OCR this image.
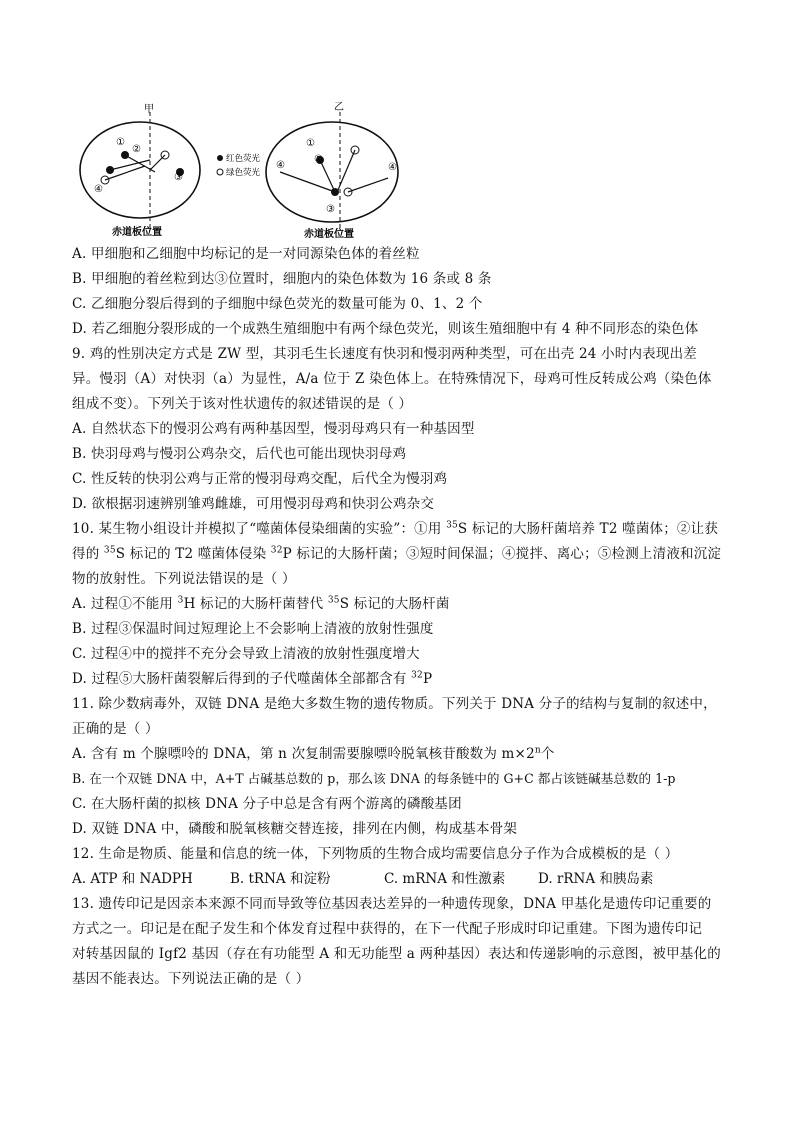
甲
①
②
③
④
赤道板位置
红色荧光
绿色荧光
乙
①
②
③
④	④
赤道板位置
A. 甲细胞和乙细胞中均标记的是一对同源染色体的着丝粒
B. 甲细胞的着丝粒到达③位置时，细胞内的染色体数为 16 条或 8 条
C. 乙细胞分裂后得到的子细胞中绿色荧光的数量可能为 0、1、2 个
D. 若乙细胞分裂形成的一个成熟生殖细胞中有两个绿色荧光，则该生殖细胞中有 4 种不同形态的染色体
9. 鸡的性别决定方式是 ZW 型，其羽毛生长速度有快羽和慢羽两种类型，可在出壳 24 小时内表现出差
异。慢羽（A）对快羽（a）为显性，A/a 位于 Z 染色体上。在特殊情况下，母鸡可性反转成公鸡（染色体
组成不变）。下列关于该对性状遗传的叙述错误的是（ ）
A. 自然状态下的慢羽公鸡有两种基因型，慢羽母鸡只有一种基因型
B. 快羽母鸡与慢羽公鸡杂交，后代也可能出现快羽母鸡
C. 性反转的快羽公鸡与正常的慢羽母鸡交配，后代全为慢羽鸡
D. 欲根据羽速辨别雏鸡雌雄，可用慢羽母鸡和快羽公鸡杂交
10. 某生物小组设计并模拟了“噬菌体侵染细菌的实验”：①用 $^{35}$S 标记的大肠杆菌培养 T2 噬菌体；②让获
得的 $^{35}$S 标记的 T2 噬菌体侵染 $^{32}$P 标记的大肠杆菌；③短时间保温；④搅拌、离心；⑤检测上清液和沉淀
物的放射性。下列说法错误的是（ ）
A. 过程①不能用 $^3$H 标记的大肠杆菌替代 $^{35}$S 标记的大肠杆菌
B. 过程③保温时间过短理论上不会影响上清液的放射性强度
C. 过程④中的搅拌不充分会导致上清液的放射性强度增大
D. 过程⑤大肠杆菌裂解后得到的子代噬菌体全部都含有 $^{32}$P
11. 除少数病毒外，双链 DNA 是绝大多数生物的遗传物质。下列关于 DNA 分子的结构与复制的叙述中，
正确的是（ ）
A. 含有 m 个腺嘌呤的 DNA，第 n 次复制需要腺嘌呤脱氧核苷酸数为 $m\times 2^n$个
B. 在一个双链 DNA 中，A+T 占碱基总数的 p，那么该 DNA 的每条链中的 G+C 都占该链碱基总数的 1-p
C. 在大肠杆菌的拟核 DNA 分子中总是含有两个游离的磷酸基团
D. 双链 DNA 中，磷酸和脱氧核糖交替连接，排列在内侧，构成基本骨架
12. 生命是物质、能量和信息的统一体，下列物质的生物合成均需要信息分子作为合成模板的是（ ）
A. ATP 和 NADPH	B. tRNA 和淀粉	C. mRNA 和性激素 D. rRNA 和胰岛素
13. 遗传印记是因亲本来源不同而导致等位基因表达差异的一种遗传现象，DNA 甲基化是遗传印记重要的
方式之一。印记是在配子发生和个体发育过程中获得的，在下一代配子形成时印记重建。下图为遗传印记
对转基因鼠的 Igf2 基因（存在有功能型 A 和无功能型 a 两种基因）表达和传递影响的示意图，被甲基化的
基因不能表达。下列说法正确的是（ ）
